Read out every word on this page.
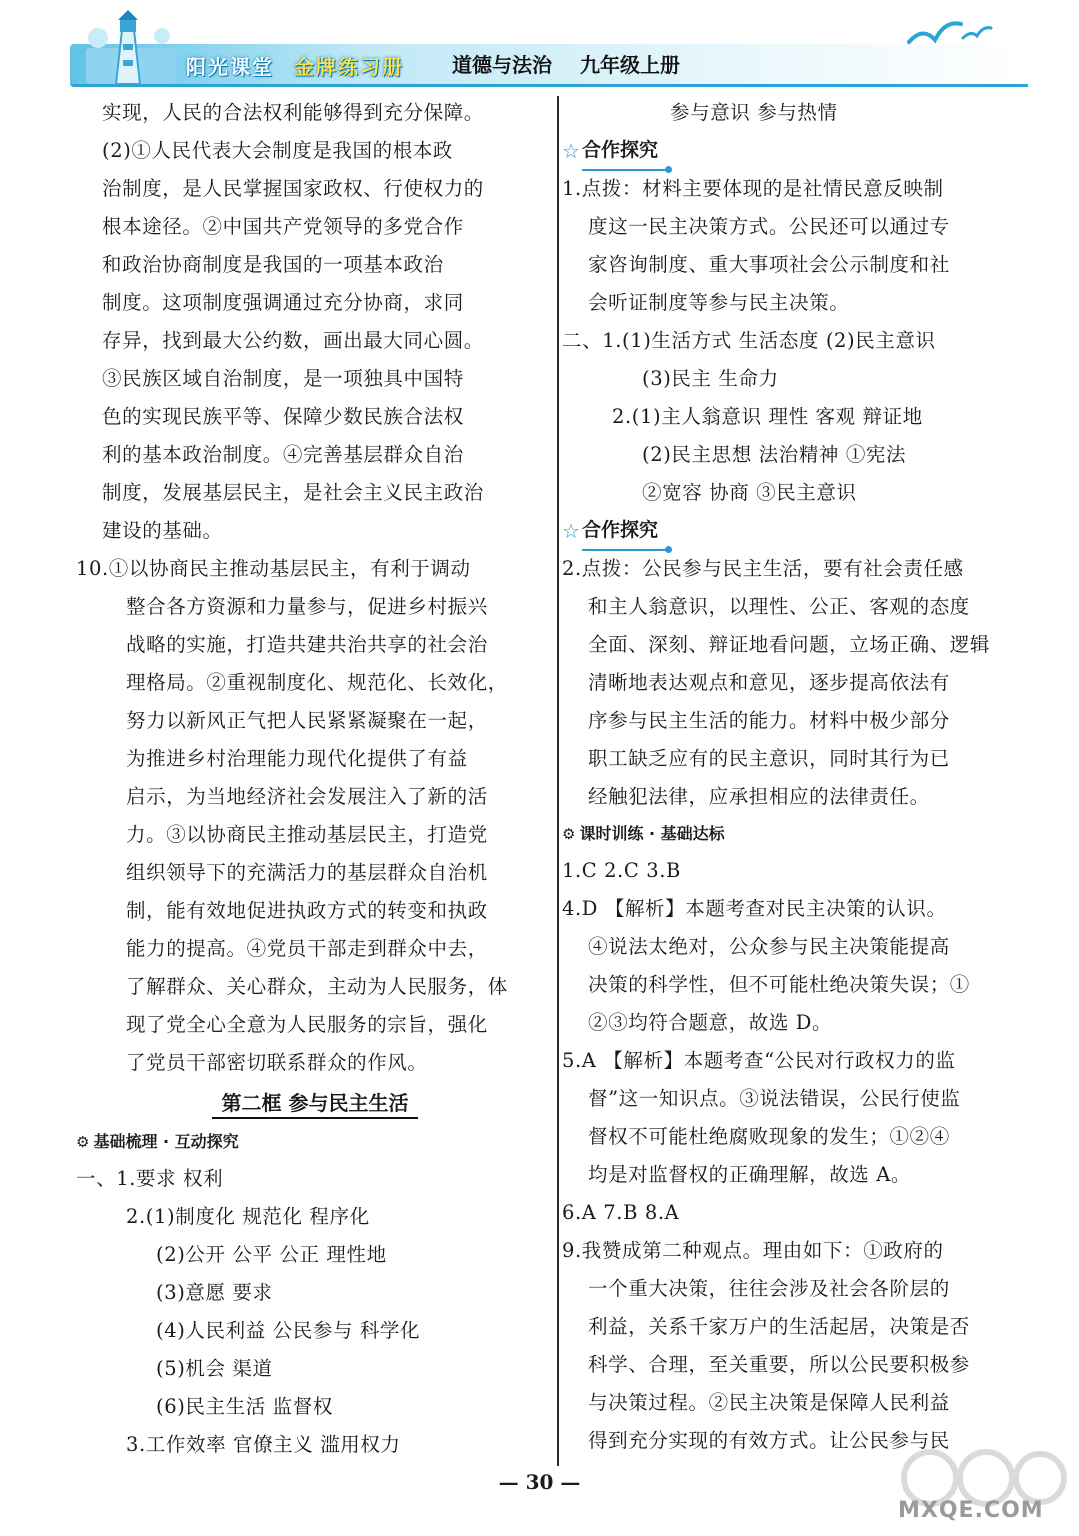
阳光课堂 金牌练习册 道德与法治 九年级上册
实现，人民的合法权利能够得到充分保障。
(2)①人民代表大会制度是我国的根本政
治制度，是人民掌握国家政权、行使权力的
根本途径。②中国共产党领导的多党合作
和政治协商制度是我国的一项基本政治
制度。这项制度强调通过充分协商，求同
存异，找到最大公约数，画出最大同心圆。
③民族区域自治制度，是一项独具中国特
色的实现民族平等、保障少数民族合法权
利的基本政治制度。④完善基层群众自治
制度，发展基层民主，是社会主义民主政治
建设的基础。
10.①以协商民主推动基层民主，有利于调动
整合各方资源和力量参与，促进乡村振兴
战略的实施，打造共建共治共享的社会治
理格局。②重视制度化、规范化、长效化，
努力以新风正气把人民紧紧凝聚在一起，
为推进乡村治理能力现代化提供了有益
启示，为当地经济社会发展注入了新的活
力。③以协商民主推动基层民主，打造党
组织领导下的充满活力的基层群众自治机
制，能有效地促进执政方式的转变和执政
能力的提高。④党员干部走到群众中去，
了解群众、关心群众，主动为人民服务，体
现了党全心全意为人民服务的宗旨，强化
了党员干部密切联系群众的作风。
第二框 参与民主生活
⚙ 基础梳理 · 互动探究
一、1.要求 权利
2.(1)制度化 规范化 程序化
(2)公开 公平 公正 理性地
(3)意愿 要求
(4)人民利益 公民参与 科学化
(5)机会 渠道
(6)民主生活 监督权
3.工作效率 官僚主义 滥用权力
参与意识 参与热情
☆ 合作探究
1.点拨：材料主要体现的是社情民意反映制
度这一民主决策方式。公民还可以通过专
家咨询制度、重大事项社会公示制度和社
会听证制度等参与民主决策。
二、1.(1)生活方式 生活态度 (2)民主意识
(3)民主 生命力
2.(1)主人翁意识 理性 客观 辩证地
(2)民主思想 法治精神 ①宪法
②宽容 协商 ③民主意识
☆ 合作探究
2.点拨：公民参与民主生活，要有社会责任感
和主人翁意识，以理性、公正、客观的态度
全面、深刻、辩证地看问题，立场正确、逻辑
清晰地表达观点和意见，逐步提高依法有
序参与民主生活的能力。材料中极少部分
职工缺乏应有的民主意识，同时其行为已
经触犯法律，应承担相应的法律责任。
⚙ 课时训练 · 基础达标
1.C 2.C 3.B
4.D 【解析】本题考查对民主决策的认识。
④说法太绝对，公众参与民主决策能提高
决策的科学性，但不可能杜绝决策失误；①
②③均符合题意，故选 D。
5.A 【解析】本题考查“公民对行政权力的监
督”这一知识点。③说法错误，公民行使监
督权不可能杜绝腐败现象的发生；①②④
均是对监督权的正确理解，故选 A。
6.A 7.B 8.A
9.我赞成第二种观点。理由如下：①政府的
一个重大决策，往往会涉及社会各阶层的
利益，关系千家万户的生活起居，决策是否
科学、合理，至关重要，所以公民要积极参
与决策过程。②民主决策是保障人民利益
得到充分实现的有效方式。让公民参与民
— 30 —
MXQE.COM
